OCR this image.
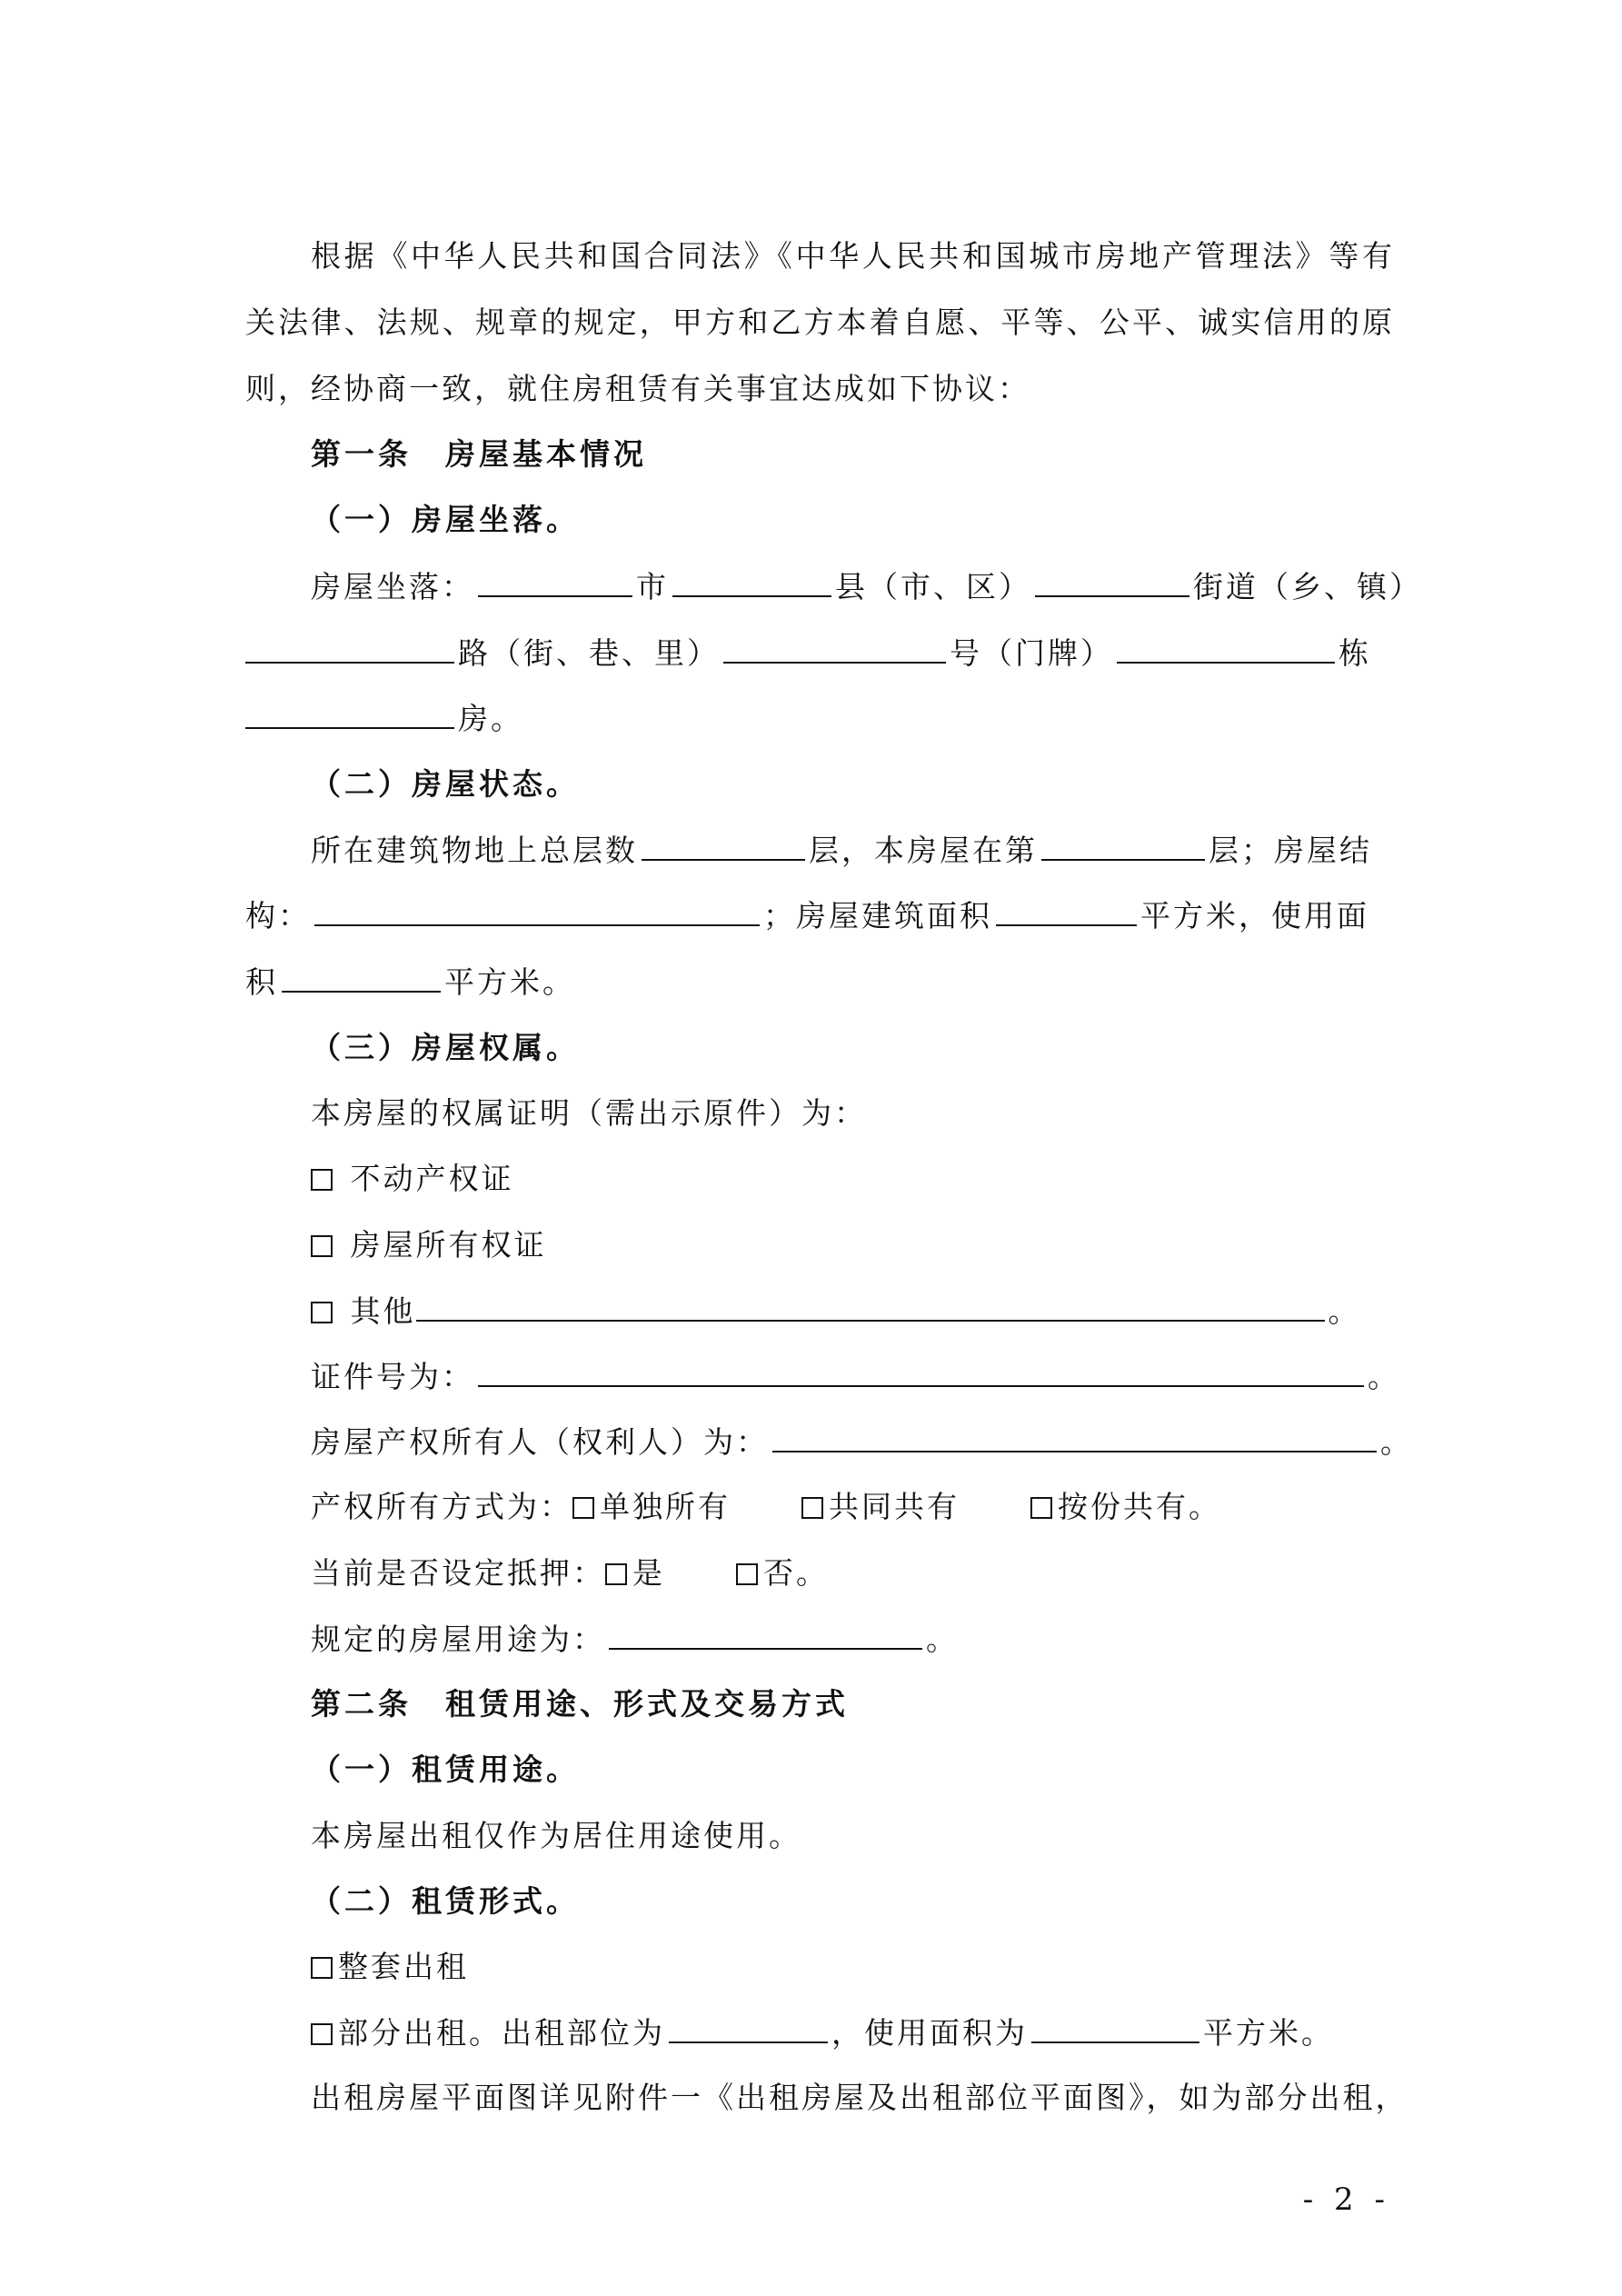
根据《中华人民共和国合同法》《中华人民共和国城市房地产管理法》等有
关法律、法规、规章的规定，甲方和乙方本着自愿、平等、公平、诚实信用的原
则，经协商一致，就住房租赁有关事宜达成如下协议：
第一条　房屋基本情况
（一）房屋坐落。
房屋坐落：	市	县（市、区）	街道（乡、镇）
路（街、巷、里）	号（门牌）	栋
房。
（二）房屋状态。
所在建筑物地上总层数	层，本房屋在第	层；房屋结
构：	；房屋建筑面积	平方米，使用面
积	平方米。
（三）房屋权属。
本房屋的权属证明（需出示原件）为：
不动产权证
房屋所有权证
其他	。
证件号为：	。
房屋产权所有人（权利人）为：	。
产权所有方式为： 单独所有	共同共有	按份共有。
当前是否设定抵押： 是	否。
规定的房屋用途为：	。
第二条　租赁用途、形式及交易方式
（一）租赁用途。
本房屋出租仅作为居住用途使用。
（二）租赁形式。
整套出租
部分出租。出租部位为	，使用面积为	平方米。
出租房屋平面图详见附件一《出租房屋及出租部位平面图》，如为部分出租，
- 2 -
